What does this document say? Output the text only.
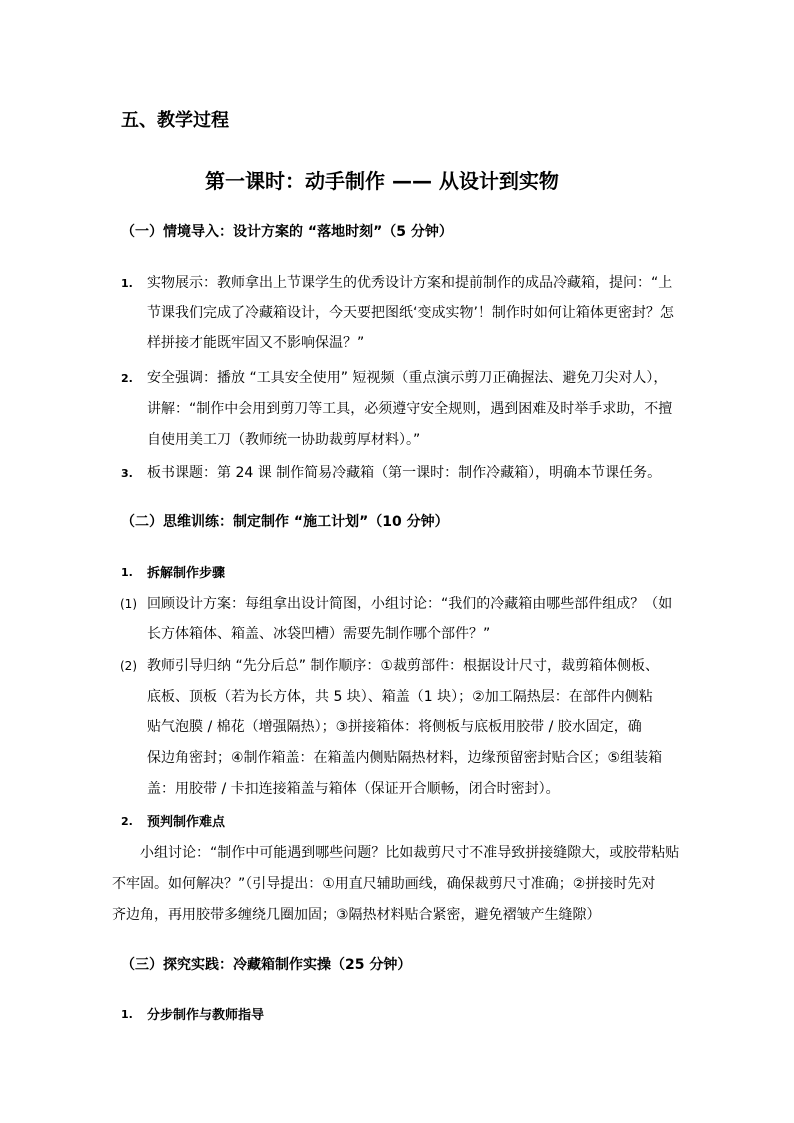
五、教学过程
第一课时：动手制作 —— 从设计到实物
（一）情境导入：设计方案的 “落地时刻”（5 分钟）
1. 实物展示：教师拿出上节课学生的优秀设计方案和提前制作的成品冷藏箱，提问：“上
节课我们完成了冷藏箱设计，今天要把图纸‘变成实物’！制作时如何让箱体更密封？怎
样拼接才能既牢固又不影响保温？”
2. 安全强调：播放 “工具安全使用” 短视频（重点演示剪刀正确握法、避免刀尖对人），
讲解：“制作中会用到剪刀等工具，必须遵守安全规则，遇到困难及时举手求助，不擅
自使用美工刀（教师统一协助裁剪厚材料）。”
3. 板书课题：第 24 课 制作简易冷藏箱（第一课时：制作冷藏箱），明确本节课任务。
（二）思维训练：制定制作 “施工计划”（10 分钟）
1. 拆解制作步骤
(1) 回顾设计方案：每组拿出设计简图，小组讨论：“我们的冷藏箱由哪些部件组成？（如
长方体箱体、箱盖、冰袋凹槽）需要先制作哪个部件？”
(2) 教师引导归纳 “先分后总” 制作顺序：①裁剪部件：根据设计尺寸，裁剪箱体侧板、
底板、顶板（若为长方体，共 5 块）、箱盖（1 块）；②加工隔热层：在部件内侧粘
贴气泡膜 / 棉花（增强隔热）；③拼接箱体：将侧板与底板用胶带 / 胶水固定，确
保边角密封；④制作箱盖：在箱盖内侧贴隔热材料，边缘预留密封贴合区；⑤组装箱
盖：用胶带 / 卡扣连接箱盖与箱体（保证开合顺畅，闭合时密封）。
2. 预判制作难点
小组讨论：“制作中可能遇到哪些问题？比如裁剪尺寸不准导致拼接缝隙大，或胶带粘贴
不牢固。如何解决？”（引导提出：①用直尺辅助画线，确保裁剪尺寸准确；②拼接时先对
齐边角，再用胶带多缠绕几圈加固；③隔热材料贴合紧密，避免褶皱产生缝隙）
（三）探究实践：冷藏箱制作实操（25 分钟）
1. 分步制作与教师指导
